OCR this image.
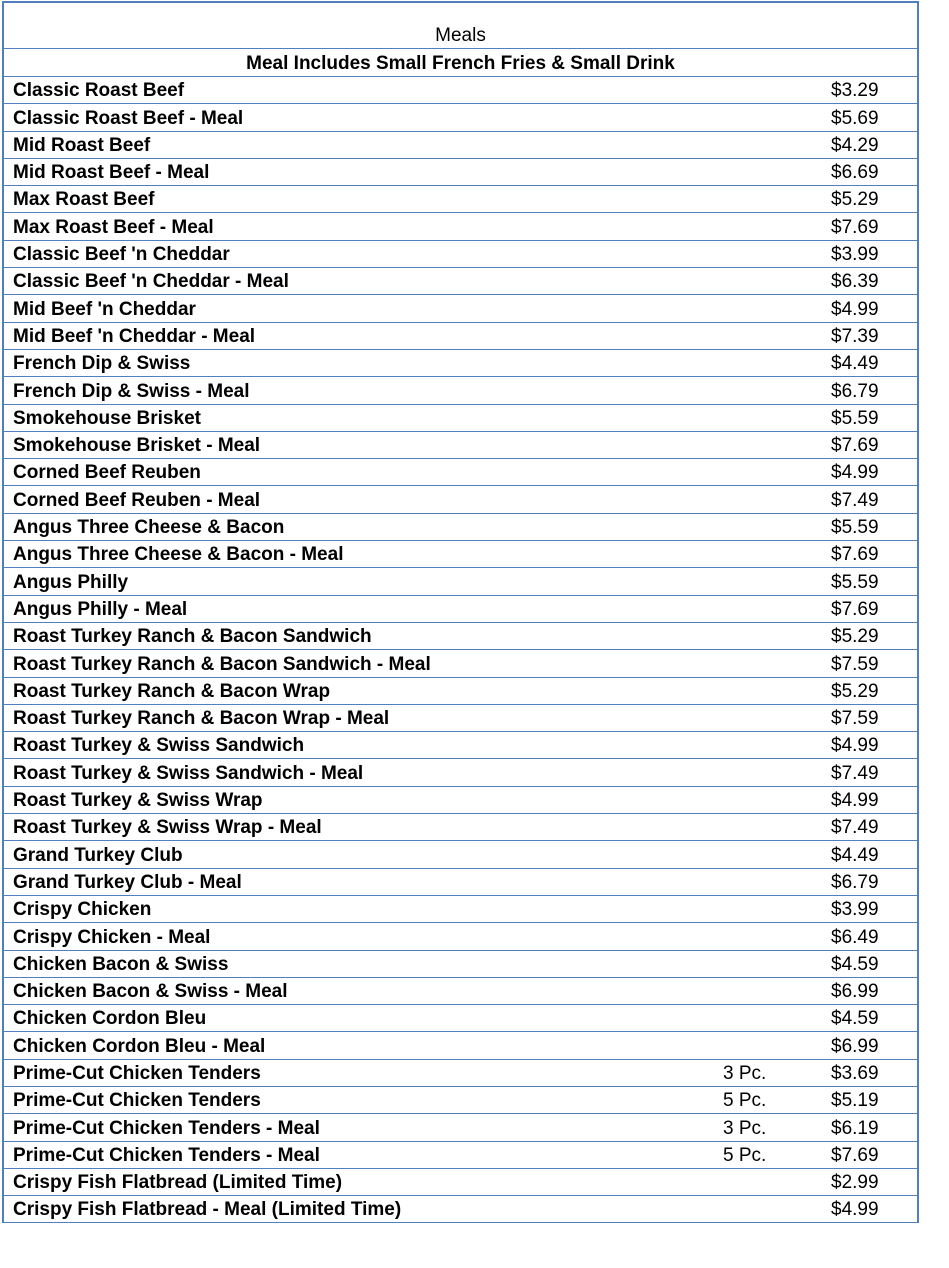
Meals
Meal Includes Small French Fries & Small Drink
Classic Roast Beef	$3.29
Classic Roast Beef - Meal	$5.69
Mid Roast Beef	$4.29
Mid Roast Beef - Meal	$6.69
Max Roast Beef	$5.29
Max Roast Beef - Meal	$7.69
Classic Beef 'n Cheddar	$3.99
Classic Beef 'n Cheddar - Meal	$6.39
Mid Beef 'n Cheddar	$4.99
Mid Beef 'n Cheddar - Meal	$7.39
French Dip & Swiss	$4.49
French Dip & Swiss - Meal	$6.79
Smokehouse Brisket	$5.59
Smokehouse Brisket - Meal	$7.69
Corned Beef Reuben	$4.99
Corned Beef Reuben - Meal	$7.49
Angus Three Cheese & Bacon	$5.59
Angus Three Cheese & Bacon - Meal	$7.69
Angus Philly	$5.59
Angus Philly - Meal	$7.69
Roast Turkey Ranch & Bacon Sandwich	$5.29
Roast Turkey Ranch & Bacon Sandwich - Meal	$7.59
Roast Turkey Ranch & Bacon Wrap	$5.29
Roast Turkey Ranch & Bacon Wrap - Meal	$7.59
Roast Turkey & Swiss Sandwich	$4.99
Roast Turkey & Swiss Sandwich - Meal	$7.49
Roast Turkey & Swiss Wrap	$4.99
Roast Turkey & Swiss Wrap - Meal	$7.49
Grand Turkey Club	$4.49
Grand Turkey Club - Meal	$6.79
Crispy Chicken	$3.99
Crispy Chicken - Meal	$6.49
Chicken Bacon & Swiss	$4.59
Chicken Bacon & Swiss - Meal	$6.99
Chicken Cordon Bleu	$4.59
Chicken Cordon Bleu - Meal	$6.99
Prime-Cut Chicken Tenders	3 Pc.	$3.69
Prime-Cut Chicken Tenders	5 Pc.	$5.19
Prime-Cut Chicken Tenders - Meal	3 Pc.	$6.19
Prime-Cut Chicken Tenders - Meal	5 Pc.	$7.69
Crispy Fish Flatbread (Limited Time)	$2.99
Crispy Fish Flatbread - Meal (Limited Time)	$4.99
